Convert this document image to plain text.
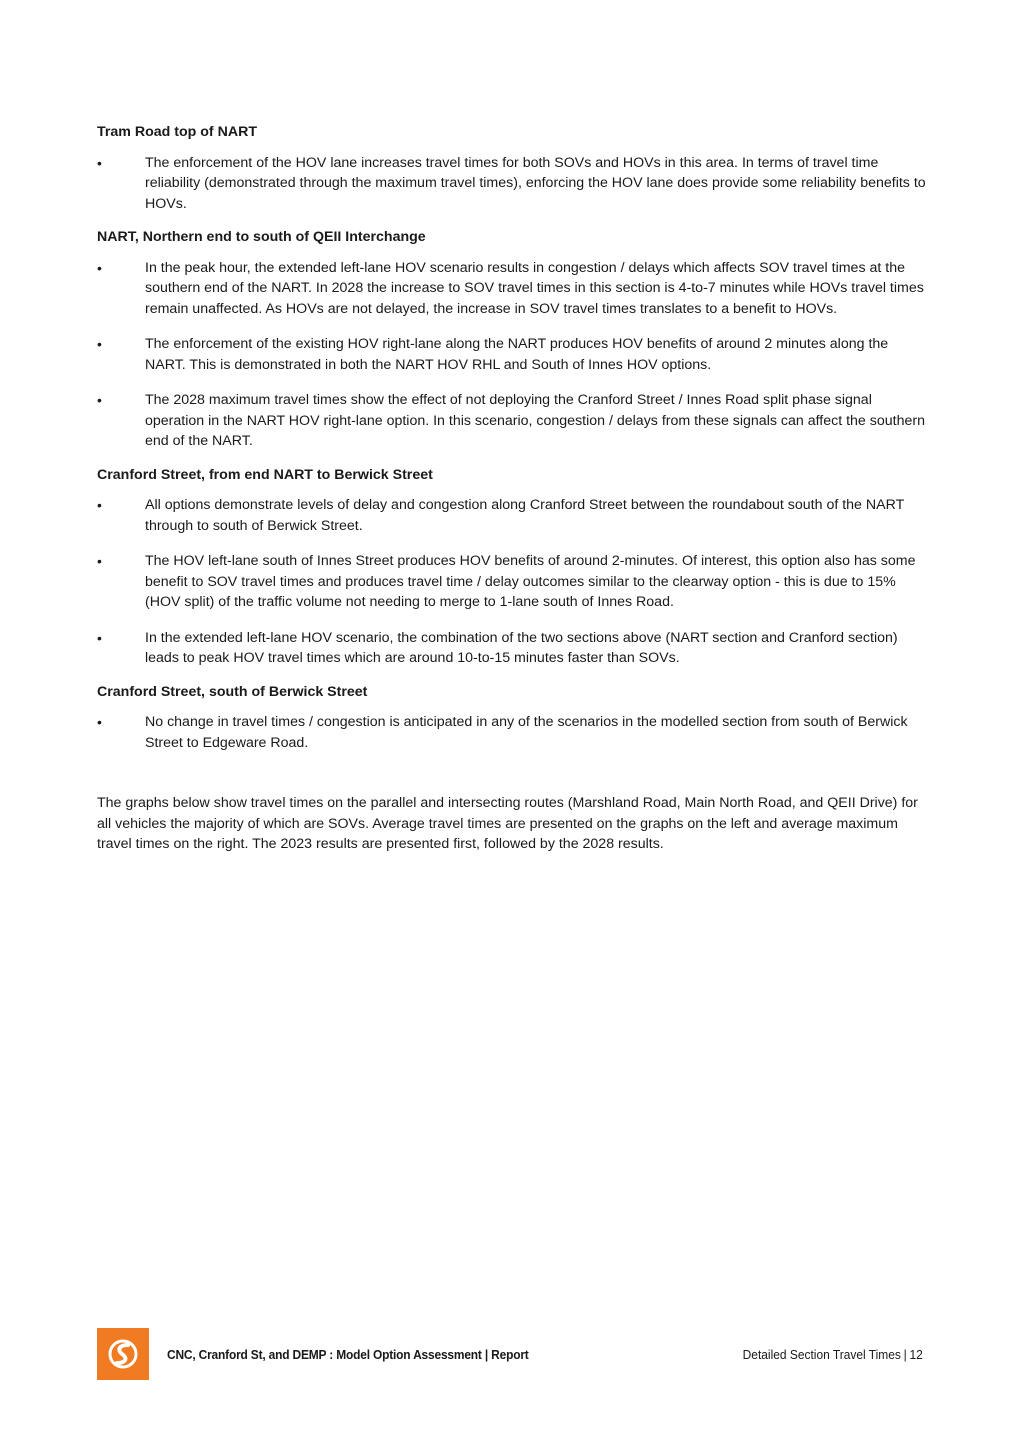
Tram Road top of NART
•	The enforcement of the HOV lane increases travel times for both SOVs and HOVs in this area. In terms of travel time reliability (demonstrated through the maximum travel times), enforcing the HOV lane does provide some reliability benefits to HOVs.
NART, Northern end to south of QEII Interchange
•	In the peak hour, the extended left-lane HOV scenario results in congestion / delays which affects SOV travel times at the southern end of the NART. In 2028 the increase to SOV travel times in this section is 4-to-7 minutes while HOVs travel times remain unaffected. As HOVs are not delayed, the increase in SOV travel times translates to a benefit to HOVs.
•	The enforcement of the existing HOV right-lane along the NART produces HOV benefits of around 2 minutes along the NART. This is demonstrated in both the NART HOV RHL and South of Innes HOV options.
•	The 2028 maximum travel times show the effect of not deploying the Cranford Street / Innes Road split phase signal operation in the NART HOV right-lane option. In this scenario, congestion / delays from these signals can affect the southern end of the NART.
Cranford Street, from end NART to Berwick Street
•	All options demonstrate levels of delay and congestion along Cranford Street between the roundabout south of the NART through to south of Berwick Street.
•	The HOV left-lane south of Innes Street produces HOV benefits of around 2-minutes. Of interest, this option also has some benefit to SOV travel times and produces travel time / delay outcomes similar to the clearway option - this is due to 15% (HOV split) of the traffic volume not needing to merge to 1-lane south of Innes Road.
•	In the extended left-lane HOV scenario, the combination of the two sections above (NART section and Cranford section) leads to peak HOV travel times which are around 10-to-15 minutes faster than SOVs.
Cranford Street, south of Berwick Street
•	No change in travel times / congestion is anticipated in any of the scenarios in the modelled section from south of Berwick Street to Edgeware Road.

The graphs below show travel times on the parallel and intersecting routes (Marshland Road, Main North Road, and QEII Drive) for all vehicles the majority of which are SOVs. Average travel times are presented on the graphs on the left and average maximum travel times on the right. The 2023 results are presented first, followed by the 2028 results.

CNC, Cranford St, and DEMP : Model Option Assessment | Report	Detailed Section Travel Times | 12
